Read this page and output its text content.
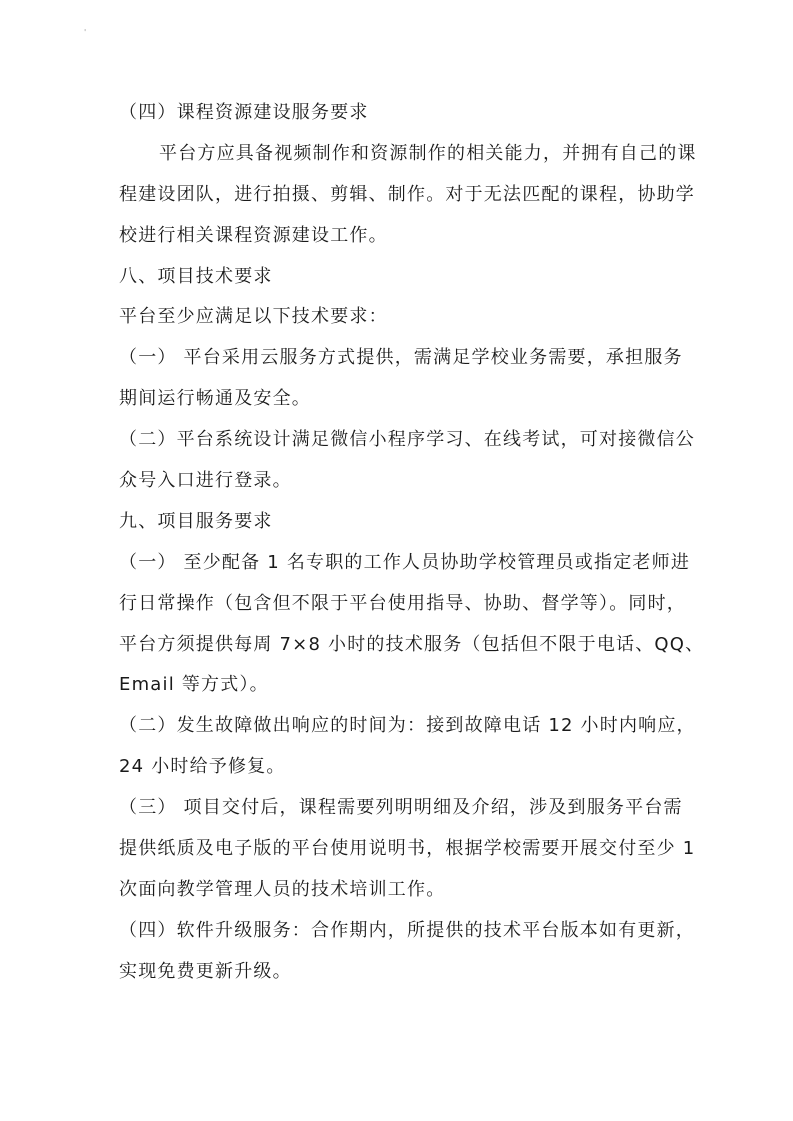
'
（四）课程资源建设服务要求
平台方应具备视频制作和资源制作的相关能力，并拥有自己的课
程建设团队，进行拍摄、剪辑、制作。对于无法匹配的课程，协助学
校进行相关课程资源建设工作。
八、项目技术要求
平台至少应满足以下技术要求：
（一） 平台采用云服务方式提供，需满足学校业务需要，承担服务
期间运行畅通及安全。
（二）平台系统设计满足微信小程序学习、在线考试，可对接微信公
众号入口进行登录。
九、项目服务要求
（一） 至少配备 1 名专职的工作人员协助学校管理员或指定老师进
行日常操作（包含但不限于平台使用指导、协助、督学等）。同时，
平台方须提供每周 7×8 小时的技术服务（包括但不限于电话、QQ、
Email 等方式）。
（二）发生故障做出响应的时间为：接到故障电话 12 小时内响应，
24 小时给予修复。
（三） 项目交付后，课程需要列明明细及介绍，涉及到服务平台需
提供纸质及电子版的平台使用说明书，根据学校需要开展交付至少 1
次面向教学管理人员的技术培训工作。
（四）软件升级服务：合作期内，所提供的技术平台版本如有更新，
实现免费更新升级。
